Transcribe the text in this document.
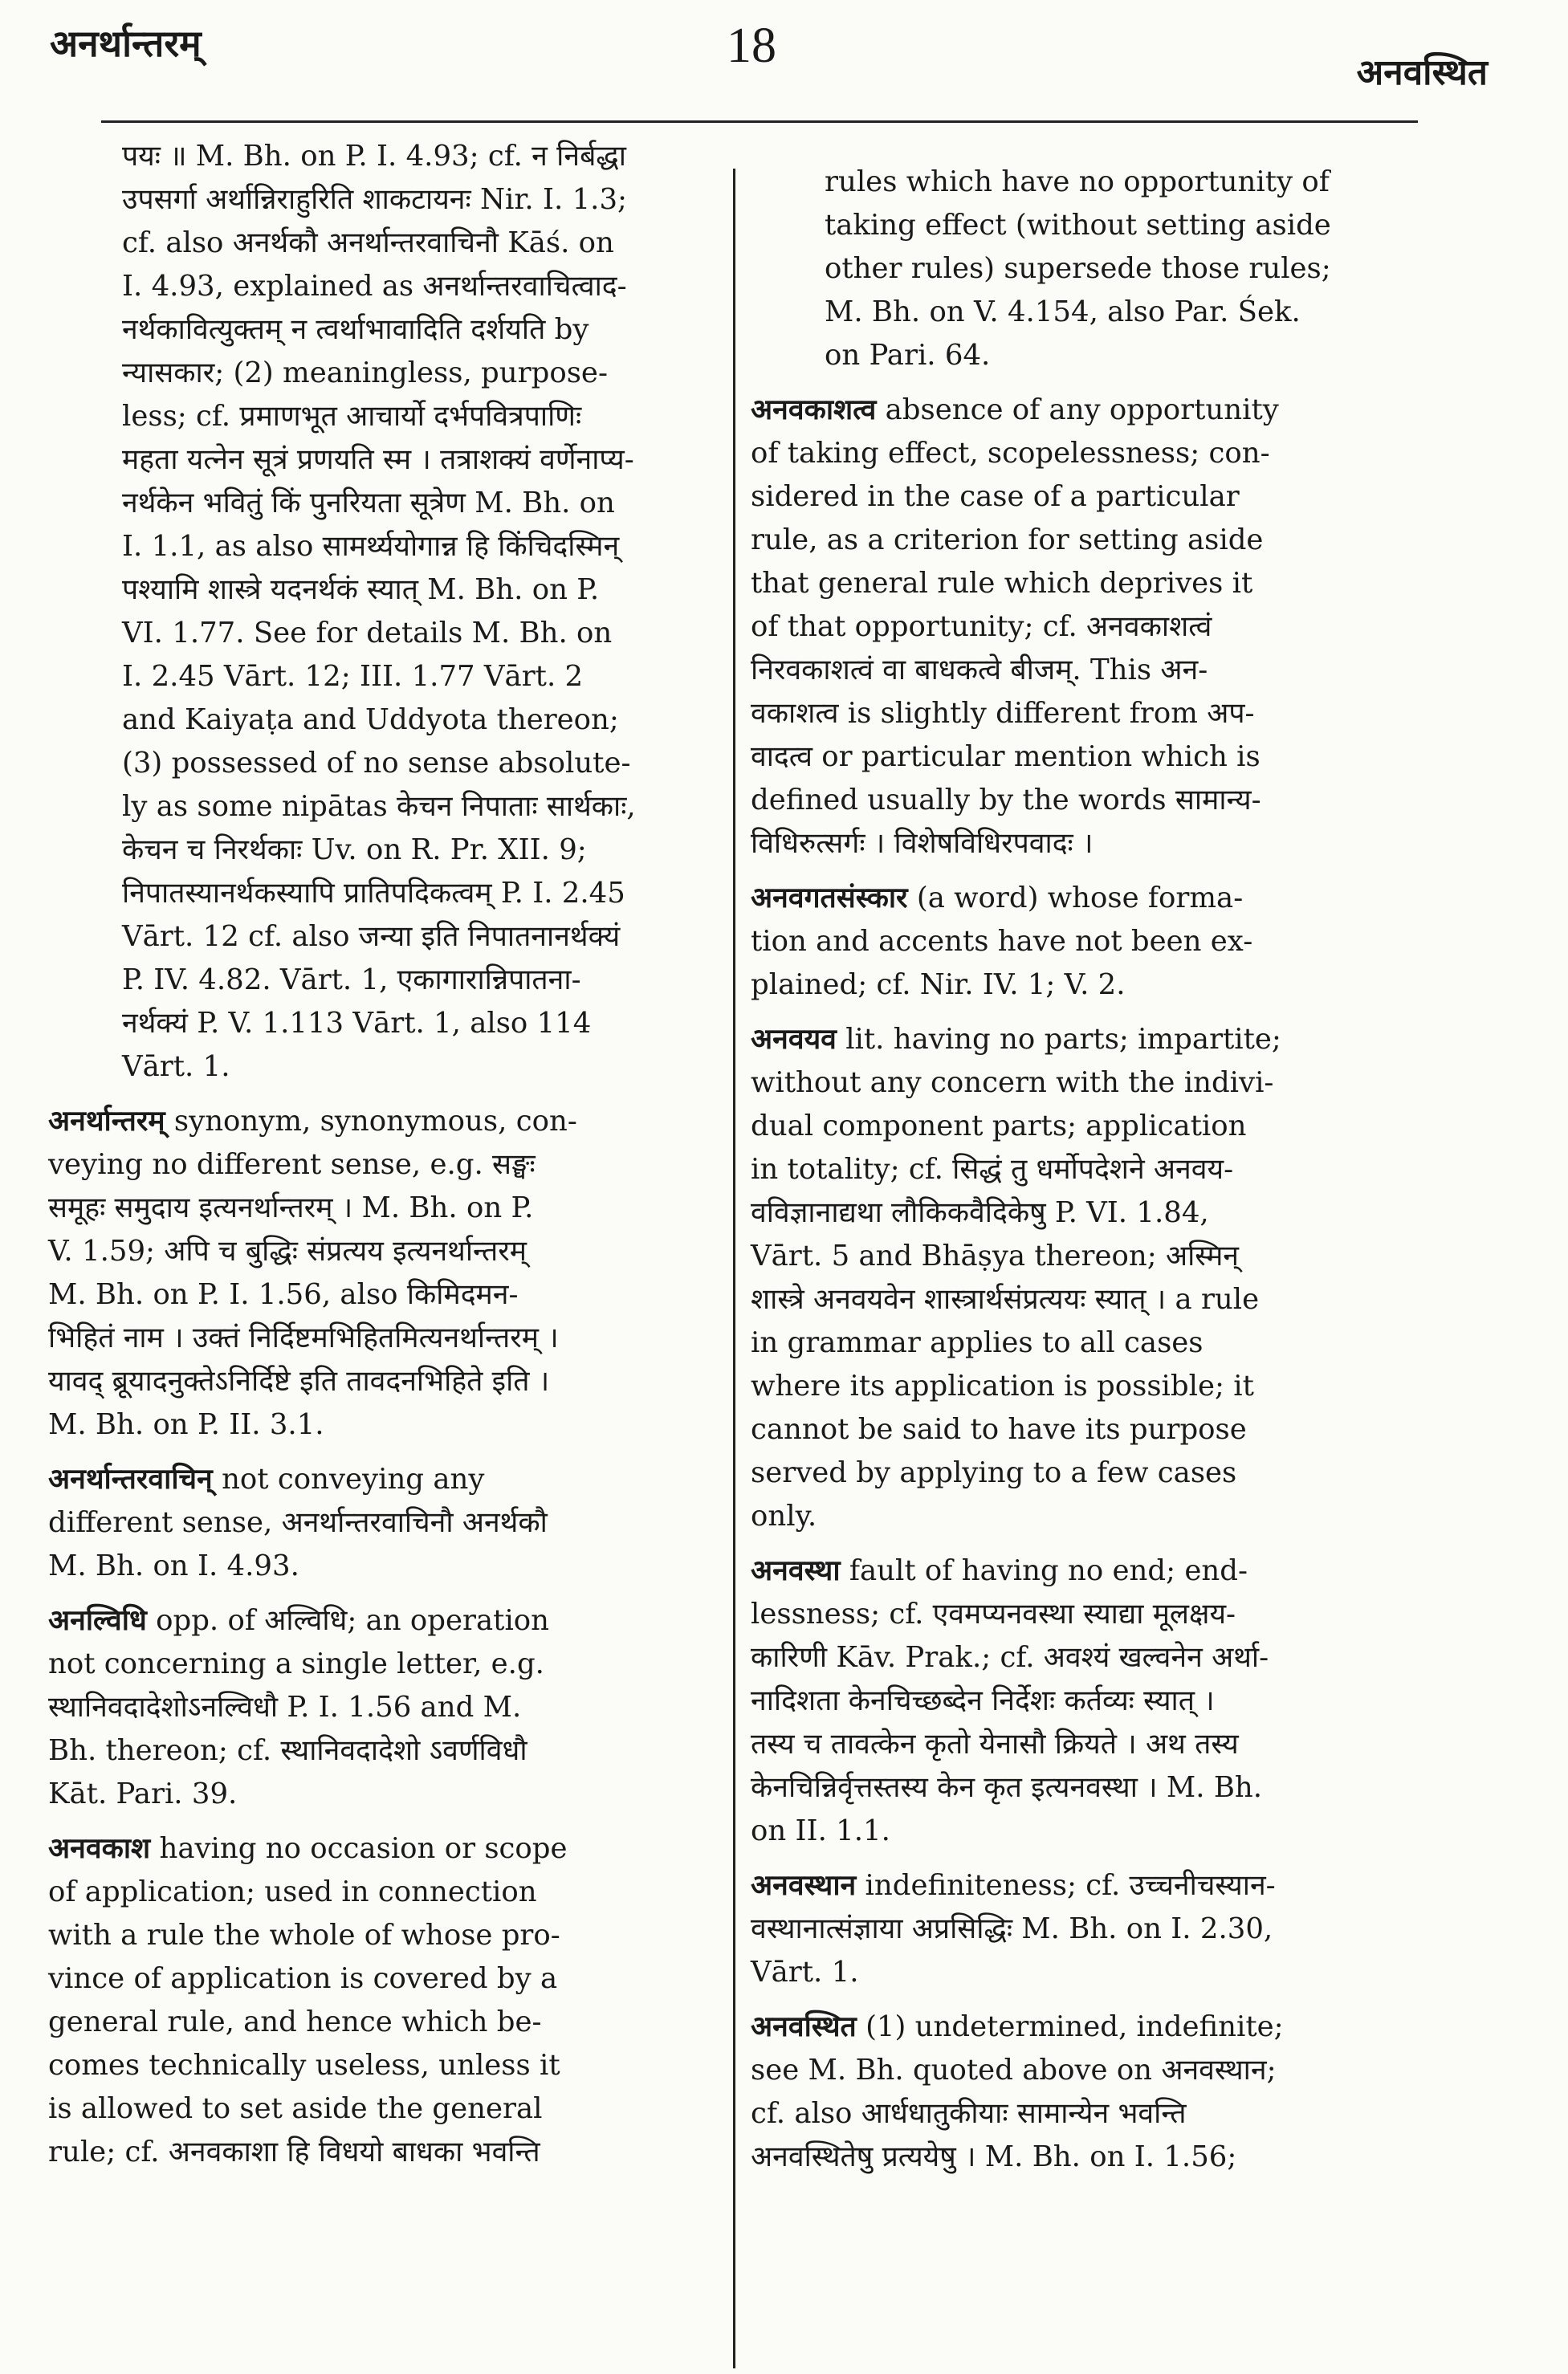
अनर्थान्तरम्	18	अनवस्थित
पयः ॥ M. Bh. on P. I. 4.93; cf. न निर्बद्धा
उपसर्गा अर्थान्निराहुरिति शाकटायनः Nir. I. 1.3;
cf. also अनर्थकौ अनर्थान्तरवाचिनौ Kāś. on
I. 4.93, explained as अनर्थान्तरवाचित्वाद-
नर्थकावित्युक्तम् न त्वर्थाभावादिति दर्शयति by
न्यासकार; (2) meaningless, purpose-
less; cf. प्रमाणभूत आचार्यो दर्भपवित्रपाणिः
महता यत्नेन सूत्रं प्रणयति स्म । तत्राशक्यं वर्णेनाप्य-
नर्थकेन भवितुं किं पुनरियता सूत्रेण M. Bh. on
I. 1.1, as also सामर्थ्ययोगान्न हि किंचिदस्मिन्
पश्यामि शास्त्रे यदनर्थकं स्यात् M. Bh. on P.
VI. 1.77. See for details M. Bh. on
I. 2.45 Vārt. 12; III. 1.77 Vārt. 2
and Kaiyaṭa and Uddyota thereon;
(3) possessed of no sense absolute-
ly as some nipātas केचन निपाताः सार्थकाः,
केचन च निरर्थकाः Uv. on R. Pr. XII. 9;
निपातस्यानर्थकस्यापि प्रातिपदिकत्वम् P. I. 2.45
Vārt. 12 cf. also जन्या इति निपातनानर्थक्यं
P. IV. 4.82. Vārt. 1, एकागारान्निपातना-
नर्थक्यं P. V. 1.113 Vārt. 1, also 114
Vārt. 1.
अनर्थान्तरम् synonym, synonymous, con-
veying no different sense, e.g. सङ्घः
समूहः समुदाय इत्यनर्थान्तरम् । M. Bh. on P.
V. 1.59; अपि च बुद्धिः संप्रत्यय इत्यनर्थान्तरम्
M. Bh. on P. I. 1.56, also किमिदमन-
भिहितं नाम । उक्तं निर्दिष्टमभिहितमित्यनर्थान्तरम् ।
यावद् ब्रूयादनुक्तेऽनिर्दिष्टे इति तावदनभिहिते इति ।
M. Bh. on P. II. 3.1.
अनर्थान्तरवाचिन् not conveying any
different sense, अनर्थान्तरवाचिनौ अनर्थकौ
M. Bh. on I. 4.93.
अनल्विधि opp. of अल्विधि; an operation
not concerning a single letter, e.g.
स्थानिवदादेशोऽनल्विधौ P. I. 1.56 and M.
Bh. thereon; cf. स्थानिवदादेशो ऽवर्णविधौ
Kāt. Pari. 39.
अनवकाश having no occasion or scope
of application; used in connection
with a rule the whole of whose pro-
vince of application is covered by a
general rule, and hence which be-
comes technically useless, unless it
is allowed to set aside the general
rule; cf. अनवकाशा हि विधयो बाधका भवन्ति
rules which have no opportunity of
taking effect (without setting aside
other rules) supersede those rules;
M. Bh. on V. 4.154, also Par. Śek.
on Pari. 64.
अनवकाशत्व absence of any opportunity
of taking effect, scopelessness; con-
sidered in the case of a particular
rule, as a criterion for setting aside
that general rule which deprives it
of that opportunity; cf. अनवकाशत्वं
निरवकाशत्वं वा बाधकत्वे बीजम्. This अन-
वकाशत्व is slightly different from अप-
वादत्व or particular mention which is
defined usually by the words सामान्य-
विधिरुत्सर्गः । विशेषविधिरपवादः ।
अनवगतसंस्कार (a word) whose forma-
tion and accents have not been ex-
plained; cf. Nir. IV. 1; V. 2.
अनवयव lit. having no parts; impartite;
without any concern with the indivi-
dual component parts; application
in totality; cf. सिद्धं तु धर्मोपदेशने अनवय-
वविज्ञानाद्यथा लौकिकवैदिकेषु P. VI. 1.84,
Vārt. 5 and Bhāṣya thereon; अस्मिन्
शास्त्रे अनवयवेन शास्त्रार्थसंप्रत्ययः स्यात् । a rule
in grammar applies to all cases
where its application is possible; it
cannot be said to have its purpose
served by applying to a few cases
only.
अनवस्था fault of having no end; end-
lessness; cf. एवमप्यनवस्था स्याद्या मूलक्षय-
कारिणी Kāv. Prak.; cf. अवश्यं खल्वनेन अर्था-
नादिशता केनचिच्छब्देन निर्देशः कर्तव्यः स्यात् ।
तस्य च तावत्केन कृतो येनासौ क्रियते । अथ तस्य
केनचिन्निर्वृत्तस्तस्य केन कृत इत्यनवस्था । M. Bh.
on II. 1.1.
अनवस्थान indefiniteness; cf. उच्चनीचस्यान-
वस्थानात्संज्ञाया अप्रसिद्धिः M. Bh. on I. 2.30,
Vārt. 1.
अनवस्थित (1) undetermined, indefinite;
see M. Bh. quoted above on अनवस्थान;
cf. also आर्धधातुकीयाः सामान्येन भवन्ति
अनवस्थितेषु प्रत्ययेषु । M. Bh. on I. 1.56;
